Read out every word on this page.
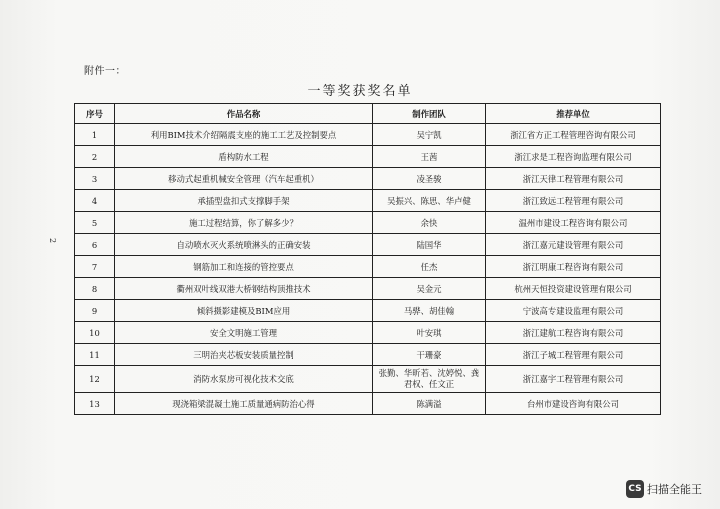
附件一：
一等奖获奖名单
2
序号	作品名称	制作团队	推荐单位
1	利用BIM技术介绍隔震支座的施工工艺及控制要点	吴宁凯	浙江省方正工程管理咨询有限公司
2	盾构防水工程	王茜	浙江求是工程咨询监理有限公司
3	移动式起重机械安全管理（汽车起重机）	凌圣骏	浙江天律工程管理有限公司
4	承插型盘扣式支撑脚手架	吴振兴、陈思、华卢健	浙江致远工程管理有限公司
5	施工过程结算，你了解多少？	余快	温州市建设工程咨询有限公司
6	自动喷水灭火系统喷淋头的正确安装	陆国华	浙江嘉元建设管理有限公司
7	钢筋加工和连接的管控要点	任杰	浙江明康工程咨询有限公司
8	衢州双叶线双港大桥钢结构顶推技术	吴金元	杭州天恒投资建设管理有限公司
9	倾斜摄影建模及BIM应用	马骅、胡佳翰	宁波高专建设监理有限公司
10	安全文明施工管理	叶安琪	浙江建航工程咨询有限公司
11	三明治夹芯板安装质量控制	干珊豪	浙江子城工程管理有限公司
12	消防水泵房可视化技术交底	张勤、华昕若、沈婷悦、龚君权、任文正	浙江嘉宇工程管理有限公司
13	现浇箱梁混凝土施工质量通病防治心得	陈满溢	台州市建设咨询有限公司
CS 扫描全能王
